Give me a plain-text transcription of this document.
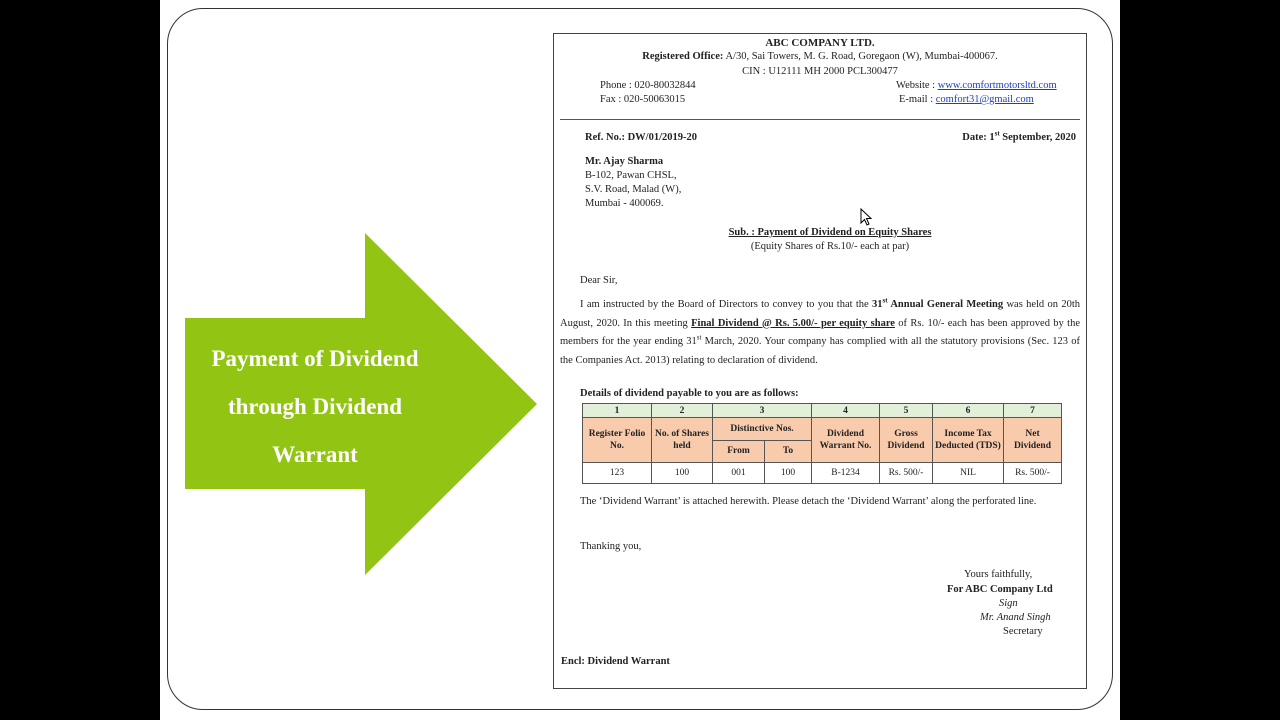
Payment of Dividend
through Dividend
Warrant
ABC COMPANY LTD.
Registered Office: A/30, Sai Towers, M. G. Road, Goregaon (W), Mumbai-400067.
CIN : U12111 MH 2000 PCL300477
Phone : 020-80032844
Fax : 020-50063015
Website : www.comfortmotorsltd.com
E-mail : comfort31@gmail.com
Ref. No.: DW/01/2019-20	Date: 1st September, 2020
Mr. Ajay Sharma
B-102, Pawan CHSL,
S.V. Road, Malad (W),
Mumbai - 400069.
Sub. : Payment of Dividend on Equity Shares
(Equity Shares of Rs.10/- each at par)
Dear Sir,
I am instructed by the Board of Directors to convey to you that the 31st Annual General Meeting was held on 20th August, 2020. In this meeting Final Dividend @ Rs. 5.00/- per equity share of Rs. 10/- each has been approved by the members for the year ending 31st March, 2020. Your company has complied with all the statutory provisions (Sec. 123 of the Companies Act. 2013) relating to declaration of dividend.
Details of dividend payable to you are as follows:
1	2	3		4	5	6	7
Register Folio No.	No. of Shares held	Distinctive Nos.		Dividend Warrant No.	Gross Dividend	Income Tax Deducted (TDS)	Net Dividend
		From	To				
123	100	001	100	B-1234	Rs. 500/-	NIL	Rs. 500/-
The ‘Dividend Warrant’ is attached herewith. Please detach the ‘Dividend Warrant’ along the perforated line.
Thanking you,
Yours faithfully,
For ABC Company Ltd
Sign
Mr. Anand Singh
Secretary
Encl: Dividend Warrant
